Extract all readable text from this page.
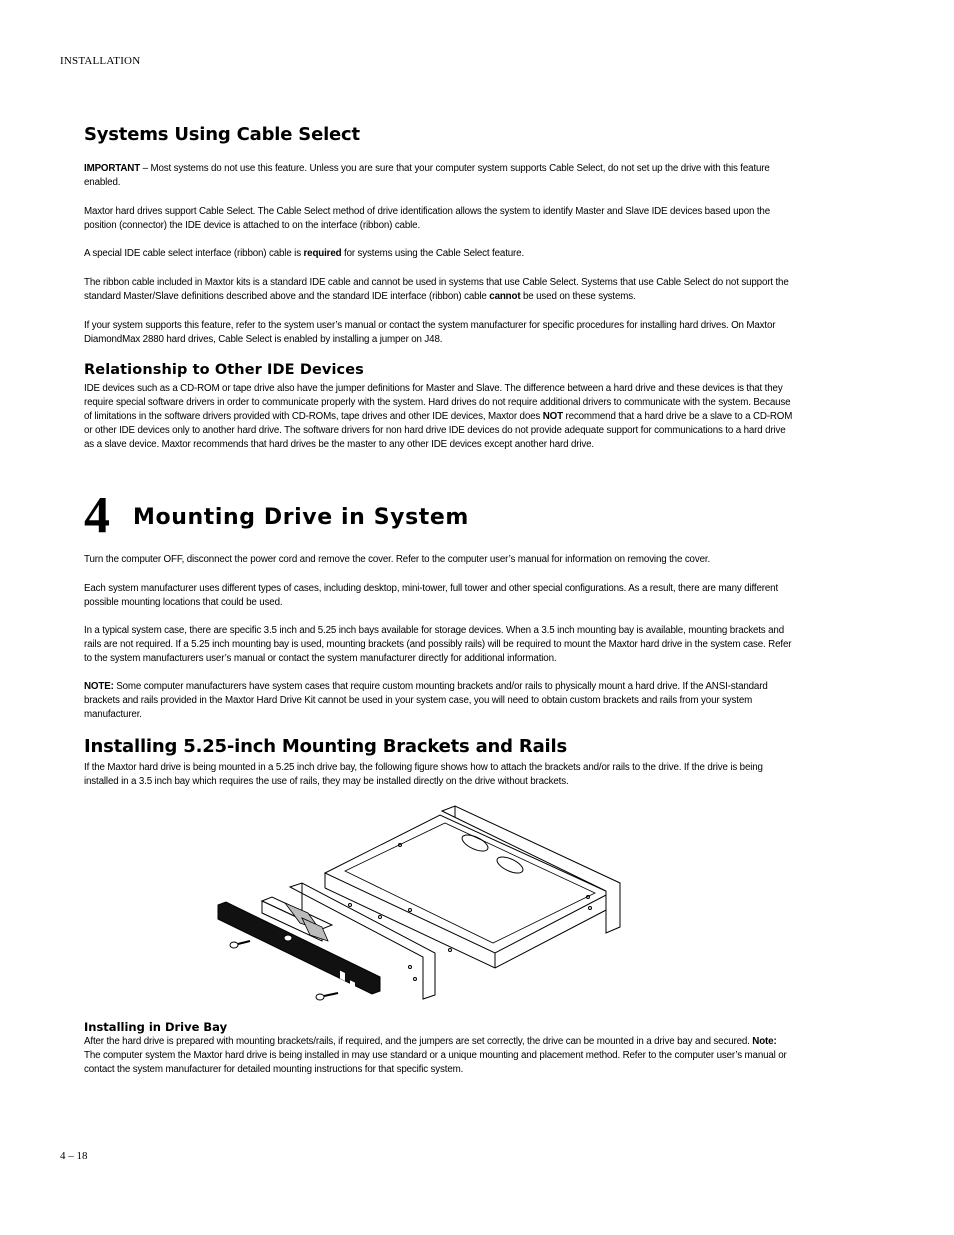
INSTALLATION
Systems Using Cable Select

IMPORTANT – Most systems do not use this feature. Unless you are sure that your computer system supports Cable Select, do not set up the drive with this feature enabled.

Maxtor hard drives support Cable Select. The Cable Select method of drive identification allows the system to identify Master and Slave IDE devices based upon the position (connector) the IDE device is attached to on the interface (ribbon) cable.

A special IDE cable select interface (ribbon) cable is required for systems using the Cable Select feature.

The ribbon cable included in Maxtor kits is a standard IDE cable and cannot be used in systems that use Cable Select. Systems that use Cable Select do not support the standard Master/Slave definitions described above and the standard IDE interface (ribbon) cable cannot be used on these systems.

If your system supports this feature, refer to the system user’s manual or contact the system manufacturer for specific procedures for installing hard drives. On Maxtor DiamondMax 2880 hard drives, Cable Select is enabled by installing a jumper on J48.

Relationship to Other IDE Devices

IDE devices such as a CD-ROM or tape drive also have the jumper definitions for Master and Slave. The difference between a hard drive and these devices is that they require special software drivers in order to communicate properly with the system. Hard drives do not require additional drivers to communicate with the system. Because of limitations in the software drivers provided with CD-ROMs, tape drives and other IDE devices, Maxtor does NOT recommend that a hard drive be a slave to a CD-ROM or other IDE devices only to another hard drive. The software drivers for non hard drive IDE devices do not provide adequate support for communications to a hard drive as a slave device. Maxtor recommends that hard drives be the master to any other IDE devices except another hard drive.

Turn the computer OFF, disconnect the power cord and remove the cover. Refer to the computer user’s manual for information on removing the cover.

Each system manufacturer uses different types of cases, including desktop, mini-tower, full tower and other special configurations. As a result, there are many different possible mounting locations that could be used.

In a typical system case, there are specific 3.5 inch and 5.25 inch bays available for storage devices. When a 3.5 inch mounting bay is available, mounting brackets and rails are not required. If a 5.25 inch mounting bay is used, mounting brackets (and possibly rails) will be required to mount the Maxtor hard drive in the system case. Refer to the system manufacturers user’s manual or contact the system manufacturer directly for additional information.

NOTE: Some computer manufacturers have system cases that require custom mounting brackets and/or rails to physically mount a hard drive. If the ANSI-standard brackets and rails provided in the Maxtor Hard Drive Kit cannot be used in your system case, you will need to obtain custom brackets and rails from your system manufacturer.

Installing 5.25-inch Mounting Brackets and Rails

If the Maxtor hard drive is being mounted in a 5.25 inch drive bay, the following figure shows how to attach the brackets and/or rails to the drive. If the drive is being installed in a 3.5 inch bay which requires the use of rails, they may be installed directly on the drive without brackets.

Installing in Drive Bay

After the hard drive is prepared with mounting brackets/rails, if required, and the jumpers are set correctly, the drive can be mounted in a drive bay and secured. Note: The computer system the Maxtor hard drive is being installed in may use standard or a unique mounting and placement method. Refer to the computer user’s manual or contact the system manufacturer for detailed mounting instructions for that specific system.

4 Mounting Drive in System
4 – 18
